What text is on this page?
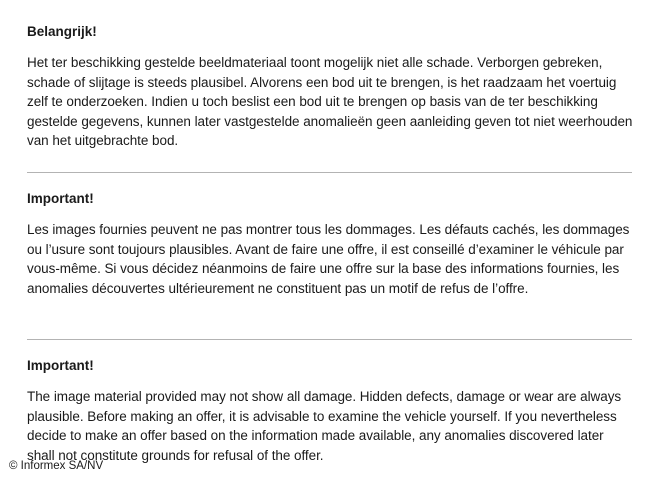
Belangrijk!

Het ter beschikking gestelde beeldmateriaal toont mogelijk niet alle schade. Verborgen gebreken, schade of slijtage is steeds plausibel. Alvorens een bod uit te brengen, is het raadzaam het voertuig zelf te onderzoeken. Indien u toch beslist een bod uit te brengen op basis van de ter beschikking gestelde gegevens, kunnen later vastgestelde anomalieën geen aanleiding geven tot niet weerhouden van het uitgebrachte bod.

Important!

Les images fournies peuvent ne pas montrer tous les dommages. Les défauts cachés, les dommages ou l’usure sont toujours plausibles. Avant de faire une offre, il est conseillé d’examiner le véhicule par vous-même. Si vous décidez néanmoins de faire une offre sur la base des informations fournies, les anomalies découvertes ultérieurement ne constituent pas un motif de refus de l’offre.

Important!

The image material provided may not show all damage. Hidden defects, damage or wear are always plausible. Before making an offer, it is advisable to examine the vehicle yourself. If you nevertheless decide to make an offer based on the information made available, any anomalies discovered later shall not constitute grounds for refusal of the offer.

© Informex SA/NV
